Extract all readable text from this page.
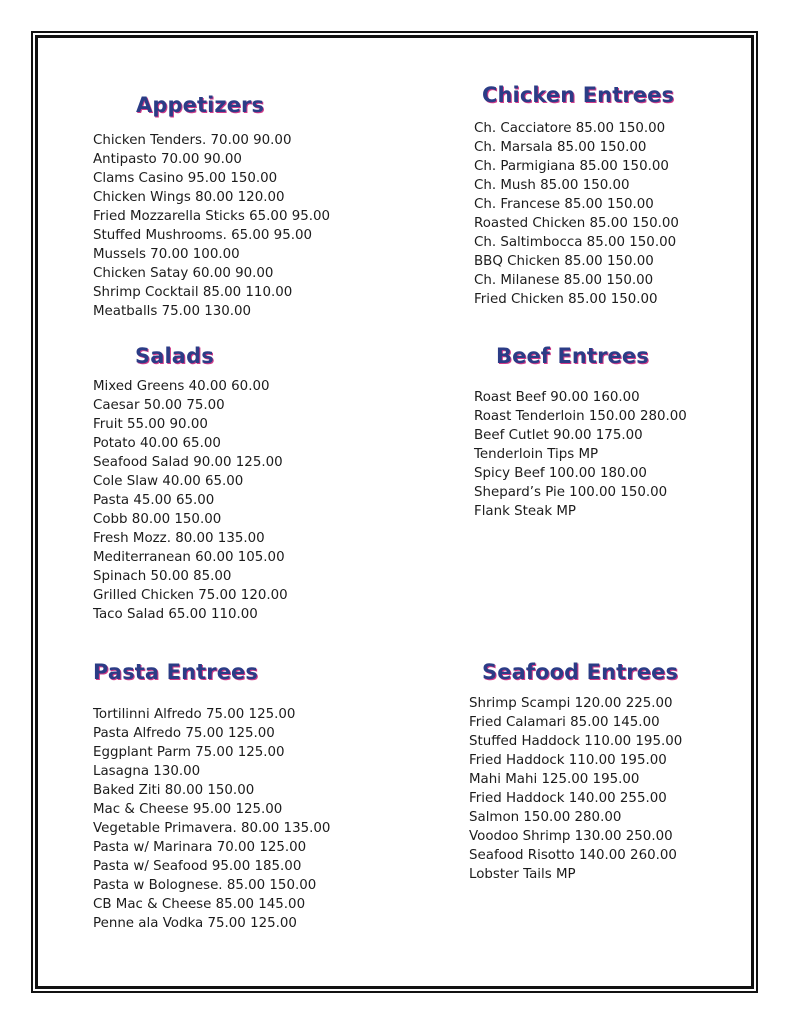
Appetizers
Chicken Tenders. 70.00 90.00
Antipasto 70.00 90.00
Clams Casino 95.00 150.00
Chicken Wings 80.00 120.00
Fried Mozzarella Sticks 65.00 95.00
Stuffed Mushrooms. 65.00 95.00
Mussels 70.00 100.00
Chicken Satay 60.00 90.00
Shrimp Cocktail 85.00 110.00
Meatballs 75.00 130.00
Chicken Entrees
Ch. Cacciatore 85.00 150.00
Ch. Marsala 85.00 150.00
Ch. Parmigiana 85.00 150.00
Ch. Mush 85.00 150.00
Ch. Francese 85.00 150.00
Roasted Chicken 85.00 150.00
Ch. Saltimbocca 85.00 150.00
BBQ Chicken 85.00 150.00
Ch. Milanese 85.00 150.00
Fried Chicken 85.00 150.00
Salads
Mixed Greens 40.00 60.00
Caesar 50.00 75.00
Fruit 55.00 90.00
Potato 40.00 65.00
Seafood Salad 90.00 125.00
Cole Slaw 40.00 65.00
Pasta 45.00 65.00
Cobb 80.00 150.00
Fresh Mozz. 80.00 135.00
Mediterranean 60.00 105.00
Spinach 50.00 85.00
Grilled Chicken 75.00 120.00
Taco Salad 65.00 110.00
Beef Entrees
Roast Beef 90.00 160.00
Roast Tenderloin 150.00 280.00
Beef Cutlet 90.00 175.00
Tenderloin Tips MP
Spicy Beef 100.00 180.00
Shepard’s Pie 100.00 150.00
Flank Steak MP
Pasta Entrees
Tortilinni Alfredo 75.00 125.00
Pasta Alfredo 75.00 125.00
Eggplant Parm 75.00 125.00
Lasagna 130.00
Baked Ziti 80.00 150.00
Mac & Cheese 95.00 125.00
Vegetable Primavera. 80.00 135.00
Pasta w/ Marinara 70.00 125.00
Pasta w/ Seafood 95.00 185.00
Pasta w Bolognese. 85.00 150.00
CB Mac & Cheese 85.00 145.00
Penne ala Vodka 75.00 125.00
Seafood Entrees
Shrimp Scampi 120.00 225.00
Fried Calamari 85.00 145.00
Stuffed Haddock 110.00 195.00
Fried Haddock 110.00 195.00
Mahi Mahi 125.00 195.00
Fried Haddock 140.00 255.00
Salmon 150.00 280.00
Voodoo Shrimp 130.00 250.00
Seafood Risotto 140.00 260.00
Lobster Tails MP
